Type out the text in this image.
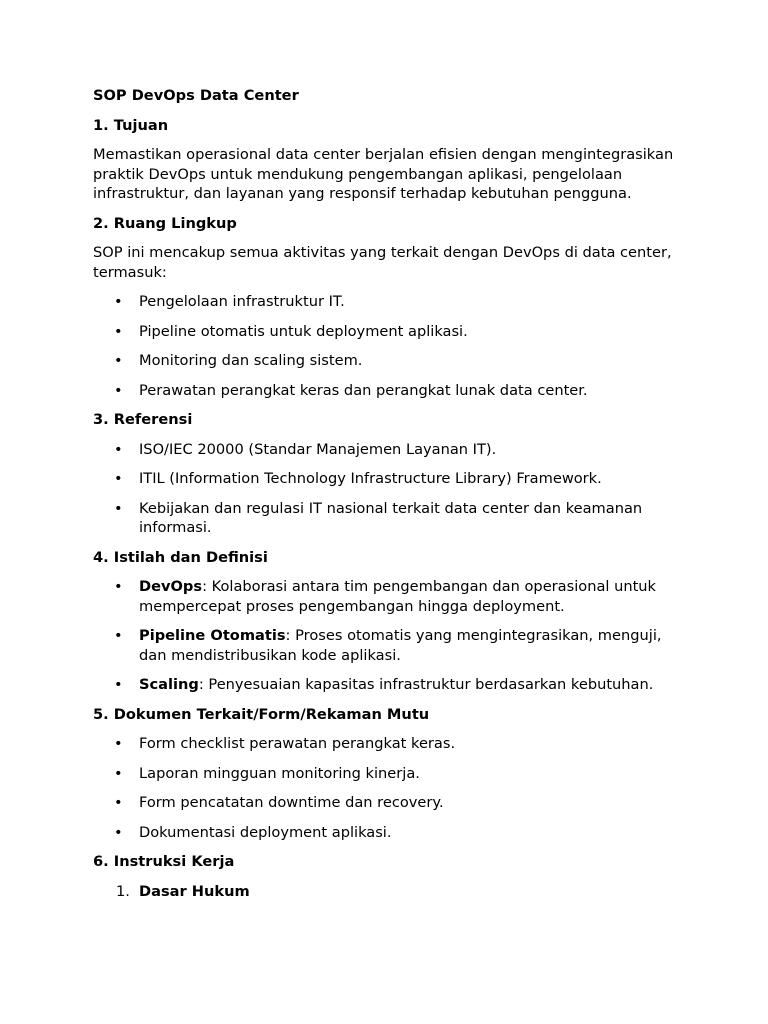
SOP DevOps Data Center
1. Tujuan
Memastikan operasional data center berjalan efisien dengan mengintegrasikan praktik DevOps untuk mendukung pengembangan aplikasi, pengelolaan infrastruktur, dan layanan yang responsif terhadap kebutuhan pengguna.
2. Ruang Lingkup
SOP ini mencakup semua aktivitas yang terkait dengan DevOps di data center, termasuk:
• Pengelolaan infrastruktur IT.
• Pipeline otomatis untuk deployment aplikasi.
• Monitoring dan scaling sistem.
• Perawatan perangkat keras dan perangkat lunak data center.
3. Referensi
• ISO/IEC 20000 (Standar Manajemen Layanan IT).
• ITIL (Information Technology Infrastructure Library) Framework.
• Kebijakan dan regulasi IT nasional terkait data center dan keamanan informasi.
4. Istilah dan Definisi
• DevOps: Kolaborasi antara tim pengembangan dan operasional untuk mempercepat proses pengembangan hingga deployment.
• Pipeline Otomatis: Proses otomatis yang mengintegrasikan, menguji, dan mendistribusikan kode aplikasi.
• Scaling: Penyesuaian kapasitas infrastruktur berdasarkan kebutuhan.
5. Dokumen Terkait/Form/Rekaman Mutu
• Form checklist perawatan perangkat keras.
• Laporan mingguan monitoring kinerja.
• Form pencatatan downtime dan recovery.
• Dokumentasi deployment aplikasi.
6. Instruksi Kerja
1. Dasar Hukum
